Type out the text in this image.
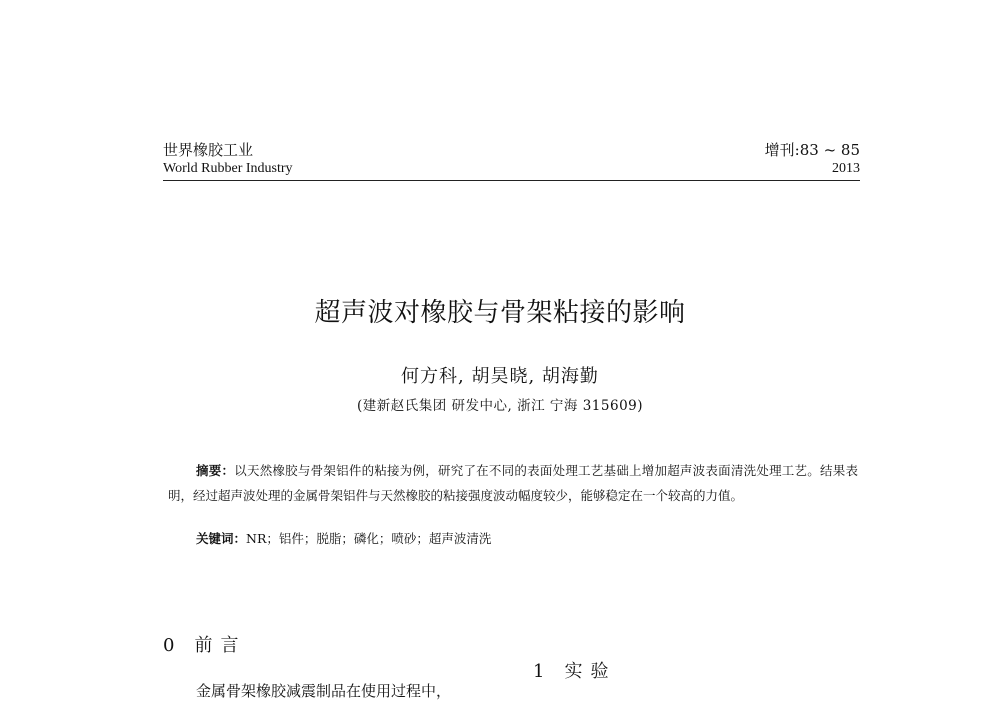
世界橡胶工业
World Rubber Industry
增刊:83 ~ 85
2013
超声波对橡胶与骨架粘接的影响
何方科, 胡昊晓, 胡海勤
(建新赵氏集团 研发中心, 浙江 宁海 315609)
摘要：以天然橡胶与骨架铝件的粘接为例，研究了在不同的表面处理工艺基础上增加超声波表面清洗处理工艺。结果表明，经过超声波处理的金属骨架铝件与天然橡胶的粘接强度波动幅度较少，能够稳定在一个较高的力值。
关键词：NR；铝件；脱脂；磷化；喷砂；超声波清洗
0 前言
1 实验
金属骨架橡胶减震制品在使用过程中，
